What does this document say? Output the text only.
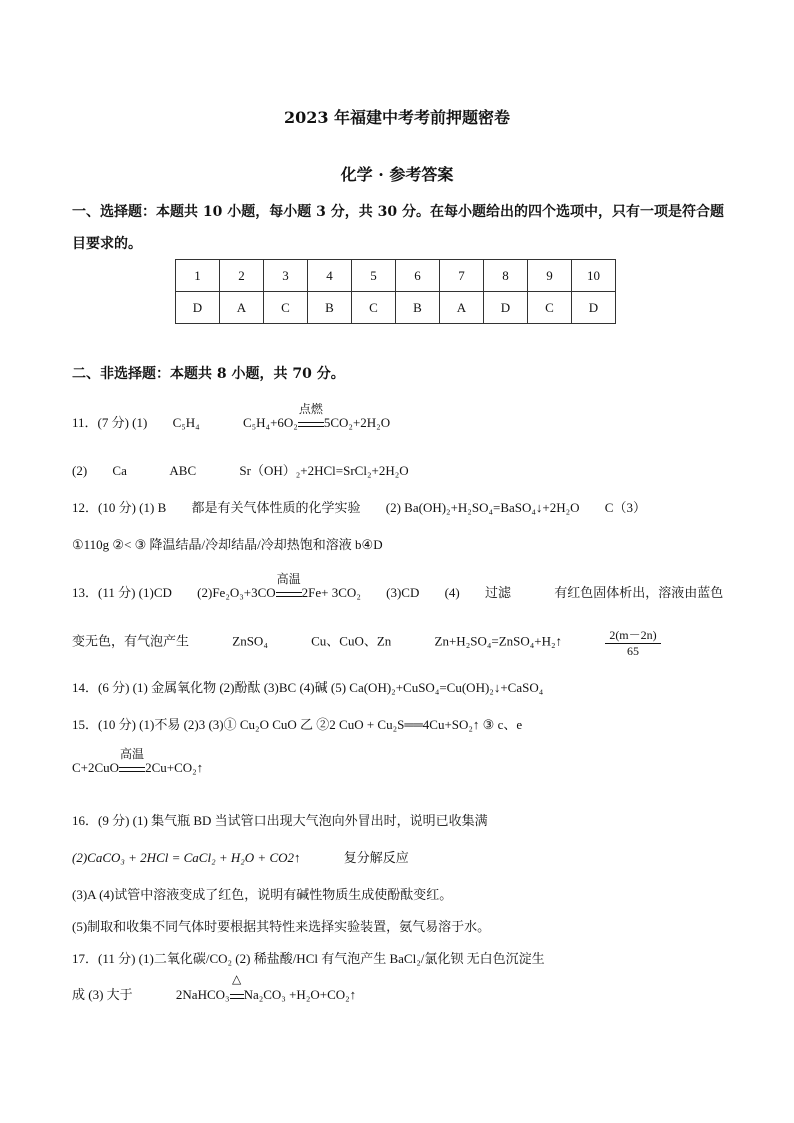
2023 年福建中考考前押题密卷
化学 · 参考答案
一、选择题：本题共 10 小题，每小题 3 分，共 30 分。在每小题给出的四个选项中，只有一项是符合题目要求的。
1	2	3	4	5	6	7	8	9	10
D	A	C	B	C	B	A	D	C	D
二、非选择题：本题共 8 小题，共 70 分。
11．(7 分) (1) C₅H₄	C₅H₄+6O₂
点燃
5CO₂+2H₂O
(2) Ca	ABC	Sr（OH）₂+2HCl=SrCl₂+2H₂O
12．(10 分) (1) B 都是有关气体性质的化学实验 (2) Ba(OH)₂+H₂SO₄=BaSO₄↓+2H₂O C（3）
①110g ②< ③ 降温结晶/冷却结晶/冷却热饱和溶液 b④D
13．(11 分) (1)CD (2)Fe₂O₃+3CO
高温
2Fe+ 3CO₂ (3)CD (4) 过滤	有红色固体析出，溶液由蓝色
变无色，有气泡产生	ZnSO₄	Cu、CuO、Zn	Zn+H₂SO₄=ZnSO₄+H₂↑	$\frac{2(m-2n)}{65}$
14．(6 分) (1) 金属氧化物 (2)酚酞 (3)BC (4)碱 (5) Ca(OH)₂+CuSO₄=Cu(OH)₂↓+CaSO₄
15．(10 分) (1)不易 (2)3 (3)① Cu₂O CuO 乙 ②2 CuO + Cu₂S══4Cu+SO₂↑ ③ c、e
C+2CuO
高温
2Cu+CO₂↑
16．(9 分) (1) 集气瓶 BD 当试管口出现大气泡向外冒出时，说明已收集满
(2)CaCO₃ + 2HCl = CaCl₂ + H₂O + CO2↑	复分解反应
(3)A (4)试管中溶液变成了红色，说明有碱性物质生成使酚酞变红。
(5)制取和收集不同气体时要根据其特性来选择实验装置，氨气易溶于水。
17．(11 分) (1)二氧化碳/CO₂ (2) 稀盐酸/HCl 有气泡产生 BaCl₂/氯化钡 无白色沉淀生
成 (3) 大于	2NaHCO₃
△
Na₂CO₃ +H₂O+CO₂↑
